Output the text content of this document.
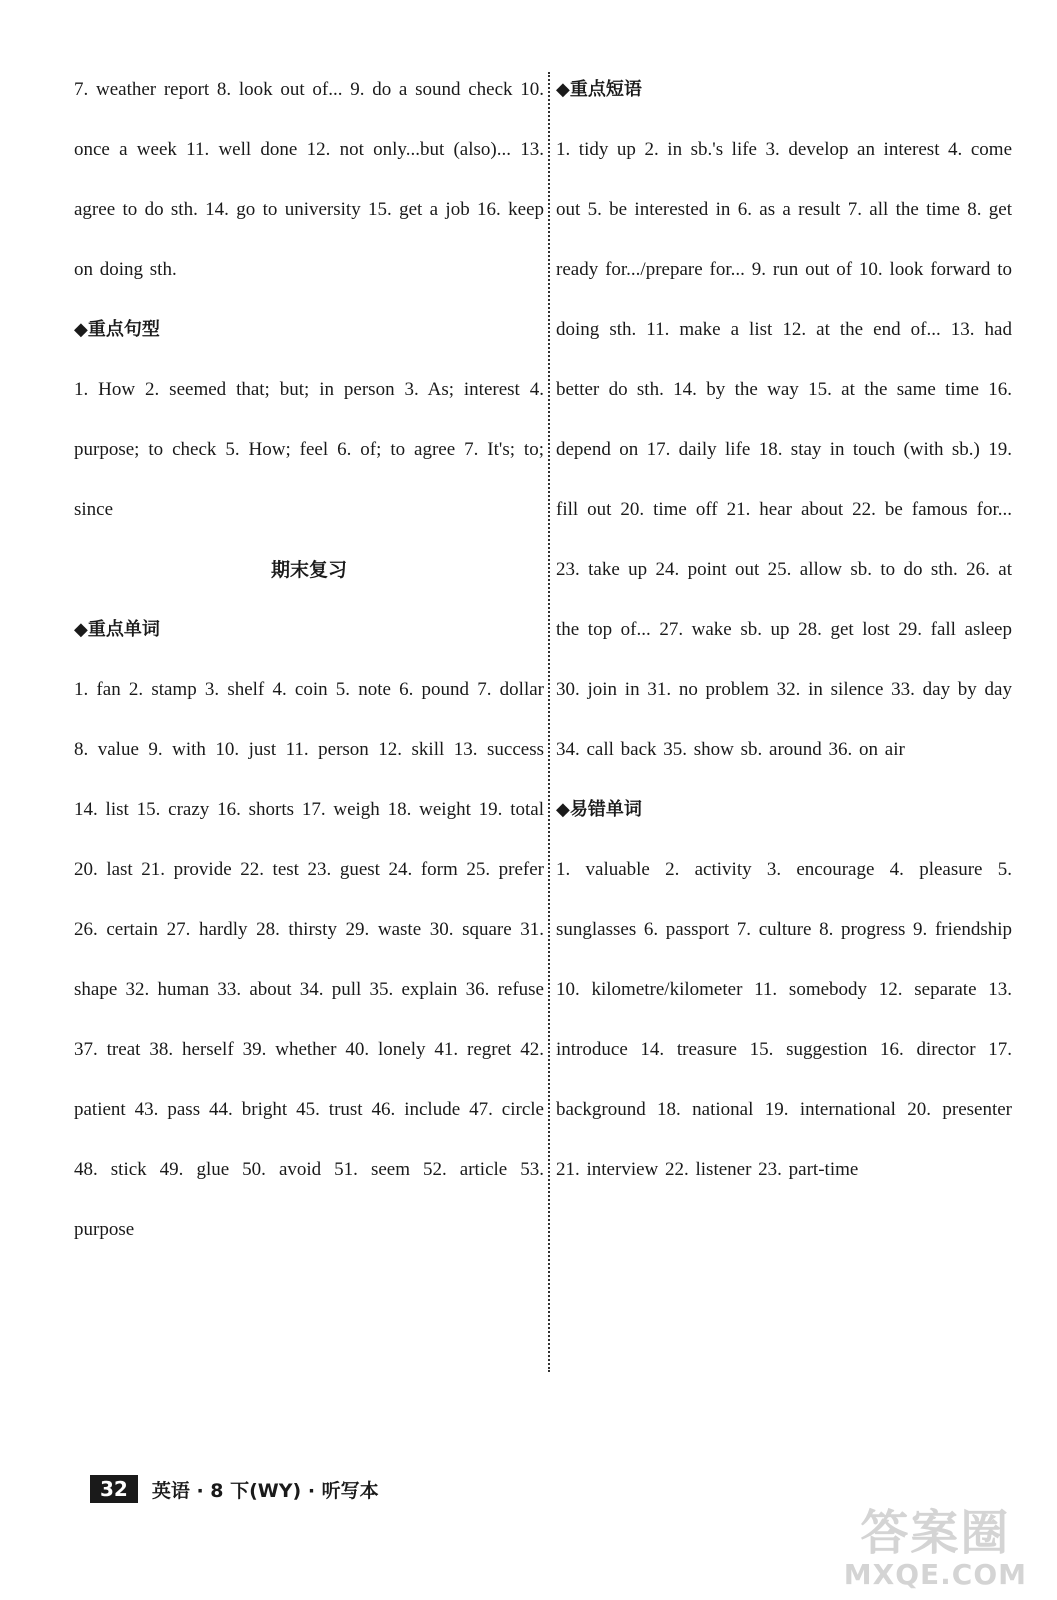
7. weather report 8. look out of... 9. do a sound check 10. once a week 11. well done 12. not only...but (also)... 13. agree to do sth. 14. go to university 15. get a job 16. keep on doing sth.

◆重点句型

1. How 2. seemed that; but; in person 3. As; interest 4. purpose; to check 5. How; feel 6. of; to agree 7. It's; to; since

期末复习
◆重点单词

1. fan 2. stamp 3. shelf 4. coin 5. note 6. pound 7. dollar 8. value 9. with 10. just 11. person 12. skill 13. success 14. list 15. crazy 16. shorts 17. weigh 18. weight 19. total 20. last 21. provide 22. test 23. guest 24. form 25. prefer 26. certain 27. hardly 28. thirsty 29. waste 30. square 31. shape 32. human 33. about 34. pull 35. explain 36. refuse 37. treat 38. herself 39. whether 40. lonely 41. regret 42. patient 43. pass 44. bright 45. trust 46. include 47. circle 48. stick 49. glue 50. avoid 51. seem 52. article 53. purpose

◆重点短语

1. tidy up 2. in sb.'s life 3. develop an interest 4. come out 5. be interested in 6. as a result 7. all the time 8. get ready for.../prepare for... 9. run out of 10. look forward to doing sth. 11. make a list 12. at the end of... 13. had better do sth. 14. by the way 15. at the same time 16. depend on 17. daily life 18. stay in touch (with sb.) 19. fill out 20. time off 21. hear about 22. be famous for... 23. take up 24. point out 25. allow sb. to do sth. 26. at the top of... 27. wake sb. up 28. get lost 29. fall asleep 30. join in 31. no problem 32. in silence 33. day by day 34. call back 35. show sb. around 36. on air

◆易错单词

1. valuable 2. activity 3. encourage 4. pleasure 5. sunglasses 6. passport 7. culture 8. progress 9. friendship 10. kilometre/kilometer 11. somebody 12. separate 13. introduce 14. treasure 15. suggestion 16. director 17. background 18. national 19. international 20. presenter 21. interview 22. listener 23. part-time

32	英语 · 8 下(WY) · 听写本
答案圈
MXQE.COM
